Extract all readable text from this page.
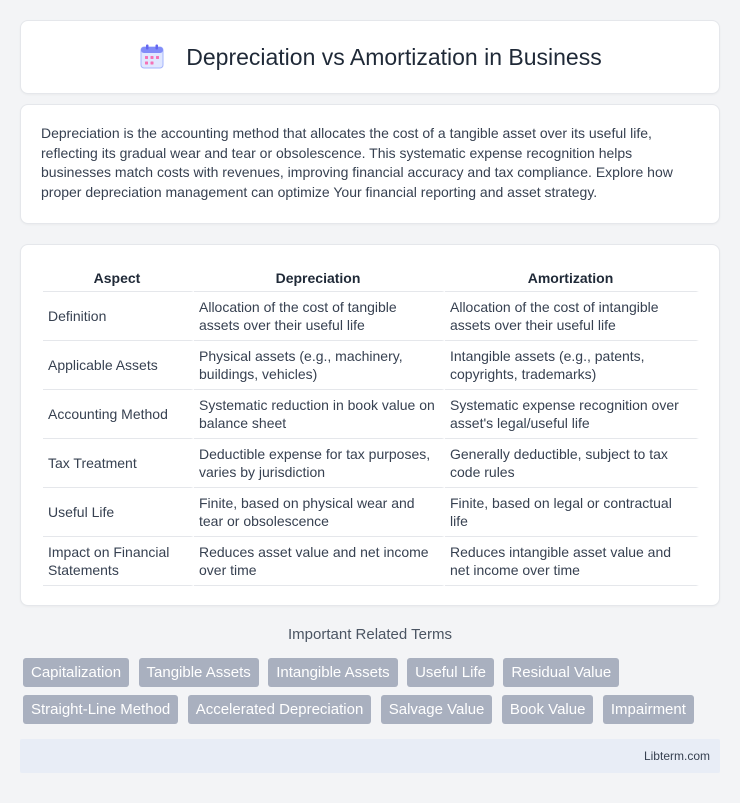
Depreciation vs Amortization in Business

Depreciation is the accounting method that allocates the cost of a tangible asset over its useful life, reflecting its gradual wear and tear or obsolescence. This systematic expense recognition helps businesses match costs with revenues, improving financial accuracy and tax compliance. Explore how proper depreciation management can optimize Your financial reporting and asset strategy.

Aspect	Depreciation	Amortization
Definition	Allocation of the cost of tangible assets over their useful life	Allocation of the cost of intangible assets over their useful life
Applicable Assets	Physical assets (e.g., machinery, buildings, vehicles)	Intangible assets (e.g., patents, copyrights, trademarks)
Accounting Method	Systematic reduction in book value on balance sheet	Systematic expense recognition over asset's legal/useful life
Tax Treatment	Deductible expense for tax purposes, varies by jurisdiction	Generally deductible, subject to tax code rules
Useful Life	Finite, based on physical wear and tear or obsolescence	Finite, based on legal or contractual life
Impact on Financial Statements	Reduces asset value and net income over time	Reduces intangible asset value and net income over time
Important Related Terms
Capitalization Tangible Assets Intangible Assets Useful Life Residual Value Straight-Line Method Accelerated Depreciation Salvage Value Book Value Impairment
Libterm.com
